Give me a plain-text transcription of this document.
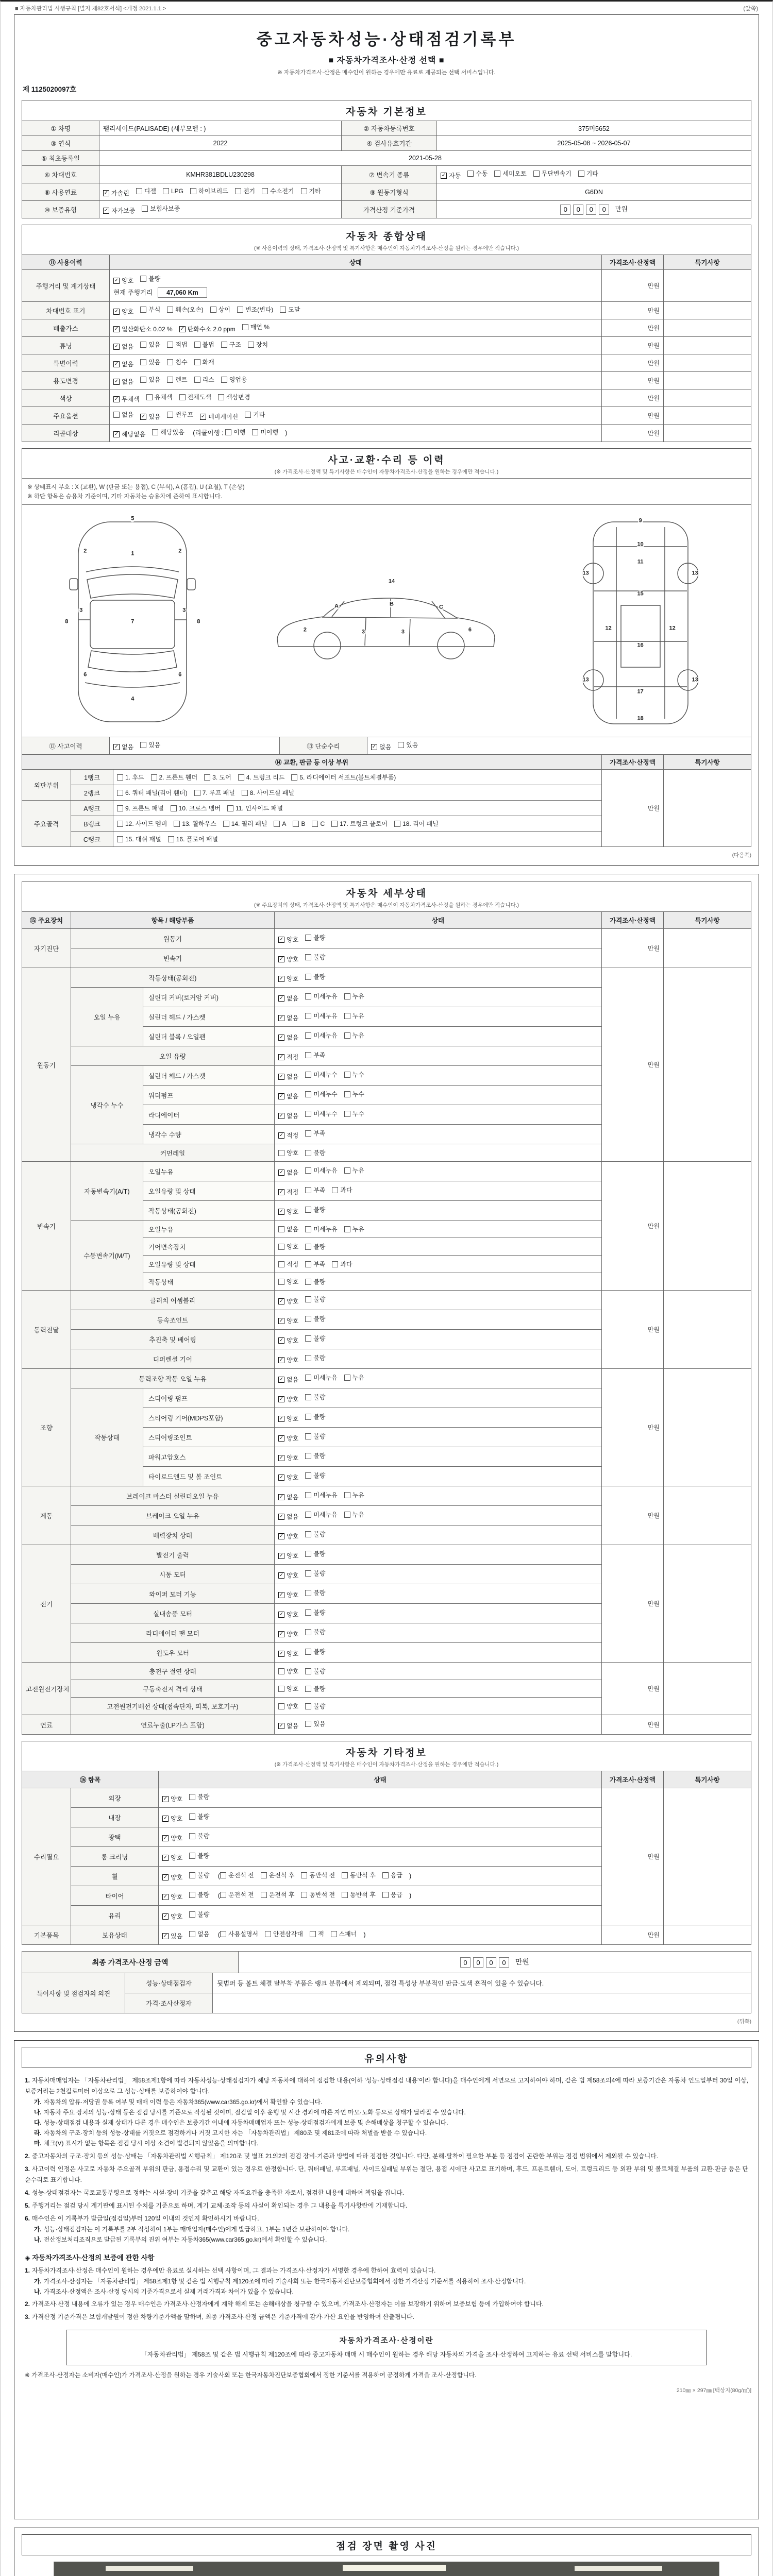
■ 자동차관리법 시행규칙 [별지 제82호서식] <개정 2021.1.1.>	(앞쪽)
중고자동차성능·상태점검기록부
■ 자동차가격조사·산정 선택 ■
※ 자동차가격조사·산정은 매수인이 원하는 경우에만 유료로 제공되는 선택 서비스입니다.
제 1125020097호
자동차 기본정보
① 차명	팰리세이드(PALISADE) (세부모델 : )	② 자동차등록번호	375머5652
③ 연식	2022	④ 검사유효기간	2025-05-08 ~ 2026-05-07
⑤ 최초등록일	2021-05-28		
⑥ 차대번호	KMHR381BDLU230298	⑦ 변속기 종류	✓ 자동 수동 세미오토 무단변속기 기타

⑧ 사용연료	✓ 가솔린 디젤 LPG 하이브리드 전기 수소전기 기타	⑨ 원동기형식	G6DN
⑩ 보증유형	✓ 자가보증 보험사보증	가격산정 기준가격	0 0 0 0 만원
자동차 종합상태
(※ 사용이력의 상태, 가격조사·산정액 및 특기사항은 매수인이 자동차가격조사·산정을 원하는 경우에만 적습니다.)
⑪ 사용이력	상태	가격조사·산정액	특기사항
주행거리 및 계기상태	✓ 양호 불량
현재 주행거리 47,060 Km	만원	
차대번호 표기	✓ 양호 부식 훼손(오손) 상이 변조(변타) 도말	만원	
배출가스	✓ 일산화탄소 0.02 % ✓ 탄화수소 2.0 ppm 매연 %	만원	
튜닝	✓ 없음 있음 적법 불법 구조 장치	만원	
특별이력	✓ 없음 있음 침수 화재	만원	
용도변경	✓ 없음 있음 렌트 리스 영업용	만원	
색상	✓ 무채색 유채색 전체도색 색상변경	만원	
주요옵션	없음 ✓ 있음 썬루프 ✓ 네비게이션 기타	만원	
리콜대상	✓ 해당없음 해당있음 (리콜이행 : 이행 미이행 )	만원	
사고·교환·수리 등 이력
(※ 가격조사·산정액 및 특기사항은 매수인이 자동차가격조사·산정을 원하는 경우에만 적습니다.)
※ 상태표시 부호 : X (교환), W (판금 또는 용접), C (부식), A (흠집), U (요철), T (손상)
※ 하단 항목은 승용차 기준이며, 기타 자동차는 승용차에 준하여 표시합니다.
5
1
2	2
3	3
7
8	8
6	6
4
14
A	B	C
2	3	3	6
9
10
11
13	13
15
12	12
16
13	13
17
18
⑫ 사고이력	✓ 없음 있음	⑬ 단순수리	✓ 없음 있음
⑭ 교환, 판금 등 이상 부위			가격조사·산정액	특기사항
외판부위	1랭크	1. 후드 2. 프론트 휀더 3. 도어 4. 트렁크 리드 5. 라디에이터 서포트(볼트체결부품)	만원	
	2랭크	6. 쿼터 패널(리어 휀더) 7. 루프 패널 8. 사이드실 패널		

주요골격	A랭크	9. 프론트 패널 10. 크로스 멤버 11. 인사이드 패널		

B랭크	12. 사이드 멤버 13. 휠하우스 14. 필러 패널 A B C 17. 트렁크 플로어 18. 리어 패널

	C랭크	15. 대쉬 패널 16. 플로어 패널		
(다음쪽)
자동차 세부상태
(※ 주요장치의 상태, 가격조사·산정액 및 특기사항은 매수인이 자동차가격조사·산정을 원하는 경우에만 적습니다.)
⑮ 주요장치	항목 / 해당부품		상태	가격조사·산정액	특기사항
자기진단	원동기		✓ 양호 불량	만원	
	변속기		✓ 양호 불량		

원동기	작동상태(공회전)		✓ 양호 불량	만원	
	오일 누유	실린더 커버(로커암 커버)	✓ 없음 미세누유 누유		

		실린더 헤드 / 가스켓	✓ 없음 미세누유 누유		

		실린더 블록 / 오일팬	✓ 없음 미세누유 누유		

	오일 유량		✓ 적정 부족		

	냉각수 누수	실린더 헤드 / 가스켓	✓ 없음 미세누수 누수		

		워터펌프	✓ 없음 미세누수 누수		

		라디에이터	✓ 없음 미세누수 누수		

		냉각수 수량	✓ 적정 부족		

	커먼레일		양호 불량		

변속기	자동변속기(A/T)	오일누유	✓ 없음 미세누유 누유	만원	
		오일유량 및 상태	✓ 적정 부족 과다		

		작동상태(공회전)	✓ 양호 불량		

	수동변속기(M/T)	오일누유	없음 미세누유 누유		

		기어변속장치	양호 불량		

		오일유량 및 상태	적정 부족 과다		

		작동상태	양호 불량		

동력전달	클러치 어셈블리		✓ 양호 불량	만원	
	등속조인트		✓ 양호 불량		

	추진축 및 베어링		✓ 양호 불량		

	디퍼렌셜 기어		✓ 양호 불량		

조향	동력조향 작동 오일 누유		✓ 없음 미세누유 누유	만원	
	작동상태	스티어링 펌프	✓ 양호 불량		

		스티어링 기어(MDPS포함)	✓ 양호 불량		

		스티어링조인트	✓ 양호 불량		

		파워고압호스	✓ 양호 불량		

		타이로드엔드 및 볼 조인트	✓ 양호 불량		

제동	브레이크 마스터 실린더오일 누유		✓ 없음 미세누유 누유	만원	
	브레이크 오일 누유		✓ 없음 미세누유 누유		

	배력장치 상태		✓ 양호 불량		

전기	발전기 출력		✓ 양호 불량	만원	
	시동 모터		✓ 양호 불량		

	와이퍼 모터 기능		✓ 양호 불량		

	실내송풍 모터		✓ 양호 불량		

	라디에이터 팬 모터		✓ 양호 불량		

	윈도우 모터		✓ 양호 불량		

고전원전기장치	충전구 절연 상태		양호 불량	만원	
	구동축전지 격리 상태		양호 불량		

	고전원전기배선 상태(접속단자, 피복, 보호기구)		양호 불량		

연료	연료누출(LP가스 포함)		✓ 없음 있음	만원	
자동차 기타정보
(※ 가격조사·산정액 및 특기사항은 매수인이 자동차가격조사·산정을 원하는 경우에만 적습니다.)
⑯ 항목		상태	가격조사·산정액	특기사항
수리필요	외장	✓ 양호 불량	만원	
	내장	✓ 양호 불량		

	광택	✓ 양호 불량		

	룸 크리닝	✓ 양호 불량		

휠	✓ 양호 불량 ( 운전석 전 운전석 후 동반석 전 동반석 후 응급 )
타이어	✓ 양호 불량 ( 운전석 전 운전석 후 동반석 전 동반석 후 응급 )
	유리	✓ 양호 불량		

기본품목	보유상태	✓ 있음 없음 ( 사용설명서 안전삼각대 잭 스패너 )	만원	
최종 가격조사·산정 금액	0	0	0	0	만원
특이사항 및 점검자의 의견	성능·상태점검자	뒷범퍼 등 볼트 체결 탈부착 부품은 랭크 분류에서 제외되며, 점검 특성상 부분적인 판금·도색 흔적이 있을 수 있습니다.
	가격·조사산정자	
(뒤쪽)
유의사항
1. 자동차매매업자는 「자동차관리법」 제58조제1항에 따라 자동차성능·상태점검자가 해당 자동차에 대하여 점검한 내용(이하 '성능·상태점검 내용'이라 합니다)을 매수인에게 서면으로 고지하여야 하며, 같은 법 제58조의4에 따라 보증기간은 자동차 인도일부터 30일 이상, 보증거리는 2천킬로미터 이상으로 그 성능·상태를 보증하여야 합니다.
가. 자동차의 압류·저당권 등록 여부 및 매매 이력 등은 자동차365(www.car365.go.kr)에서 확인할 수 있습니다.
나. 자동차 주요 장치의 성능·상태 등은 점검 당시를 기준으로 작성된 것이며, 점검일 이후 운행 및 시간 경과에 따른 자연 마모·노화 등으로 상태가 달라질 수 있습니다.
다. 성능·상태점검 내용과 실제 상태가 다른 경우 매수인은 보증기간 이내에 자동차매매업자 또는 성능·상태점검자에게 보증 및 손해배상을 청구할 수 있습니다.
라. 자동차의 구조·장치 등의 성능·상태를 거짓으로 점검하거나 거짓 고지한 자는 「자동차관리법」 제80조 및 제81조에 따라 처벌을 받을 수 있습니다.
마. 체크(Ⅴ) 표시가 없는 항목은 점검 당시 이상 소견이 발견되지 않았음을 의미합니다.
2. 중고자동차의 구조·장치 등의 성능·상태는 「자동차관리법 시행규칙」 제120조 및 별표 21의2의 점검 장비·기준과 방법에 따라 점검한 것입니다. 다만, 분해·탈착이 필요한 부분 등 점검이 곤란한 부위는 점검 범위에서 제외될 수 있습니다.
3. 사고이력 인정은 사고로 자동차 주요골격 부위의 판금, 용접수리 및 교환이 있는 경우로 한정합니다. 단, 쿼터패널, 루프패널, 사이드실패널 부위는 절단, 용접 시에만 사고로 표기하며, 후드, 프론트휀더, 도어, 트렁크리드 등 외판 부위 및 볼트체결 부품의 교환·판금 등은 단순수리로 표기합니다.
4. 성능·상태점검자는 국토교통부령으로 정하는 시설·장비 기준을 갖추고 해당 자격요건을 충족한 자로서, 점검한 내용에 대하여 책임을 집니다.
5. 주행거리는 점검 당시 계기판에 표시된 수치를 기준으로 하며, 계기 교체·조작 등의 사실이 확인되는 경우 그 내용을 특기사항란에 기재합니다.
6. 매수인은 이 기록부가 발급일(점검일)부터 120일 이내의 것인지 확인하시기 바랍니다.
가. 성능·상태점검자는 이 기록부를 2부 작성하여 1부는 매매업자(매수인)에게 발급하고, 1부는 1년간 보관하여야 합니다.
나. 전산정보처리조직으로 발급된 기록부의 진위 여부는 자동차365(www.car365.go.kr)에서 확인할 수 있습니다.
◈ 자동차가격조사·산정의 보증에 관한 사항
1. 자동차가격조사·산정은 매수인이 원하는 경우에만 유료로 실시하는 선택 사항이며, 그 결과는 가격조사·산정자가 서명한 경우에 한하여 효력이 있습니다.
가. 가격조사·산정자는 「자동차관리법」 제58조제1항 및 같은 법 시행규칙 제120조에 따라 기술사회 또는 한국자동차진단보증협회에서 정한 가격산정 기준서를 적용하여 조사·산정합니다.
나. 가격조사·산정액은 조사·산정 당시의 기준가격으로서 실제 거래가격과 차이가 있을 수 있습니다.
2. 가격조사·산정 내용에 오류가 있는 경우 매수인은 가격조사·산정자에게 계약 해제 또는 손해배상을 청구할 수 있으며, 가격조사·산정자는 이를 보장하기 위하여 보증보험 등에 가입하여야 합니다.
3. 가격산정 기준가격은 보험개발원이 정한 차량기준가액을 말하며, 최종 가격조사·산정 금액은 기준가격에 감가·가산 요인을 반영하여 산출됩니다.
자동차가격조사·산정이란
「자동차관리법」 제58조 및 같은 법 시행규칙 제120조에 따라 중고자동차 매매 시 매수인이 원하는 경우 해당 자동차의 가격을 조사·산정하여 고지하는 유료 선택 서비스를 말합니다.
※ 가격조사·산정자는 소비자(매수인)가 가격조사·산정을 원하는 경우 기술사회 또는 한국자동차진단보증협회에서 정한 기준서를 적용하여 공정하게 가격을 조사·산정합니다.
210㎜ × 297㎜ [백상지(80g/㎡)]
점검 장면 촬영 사진
